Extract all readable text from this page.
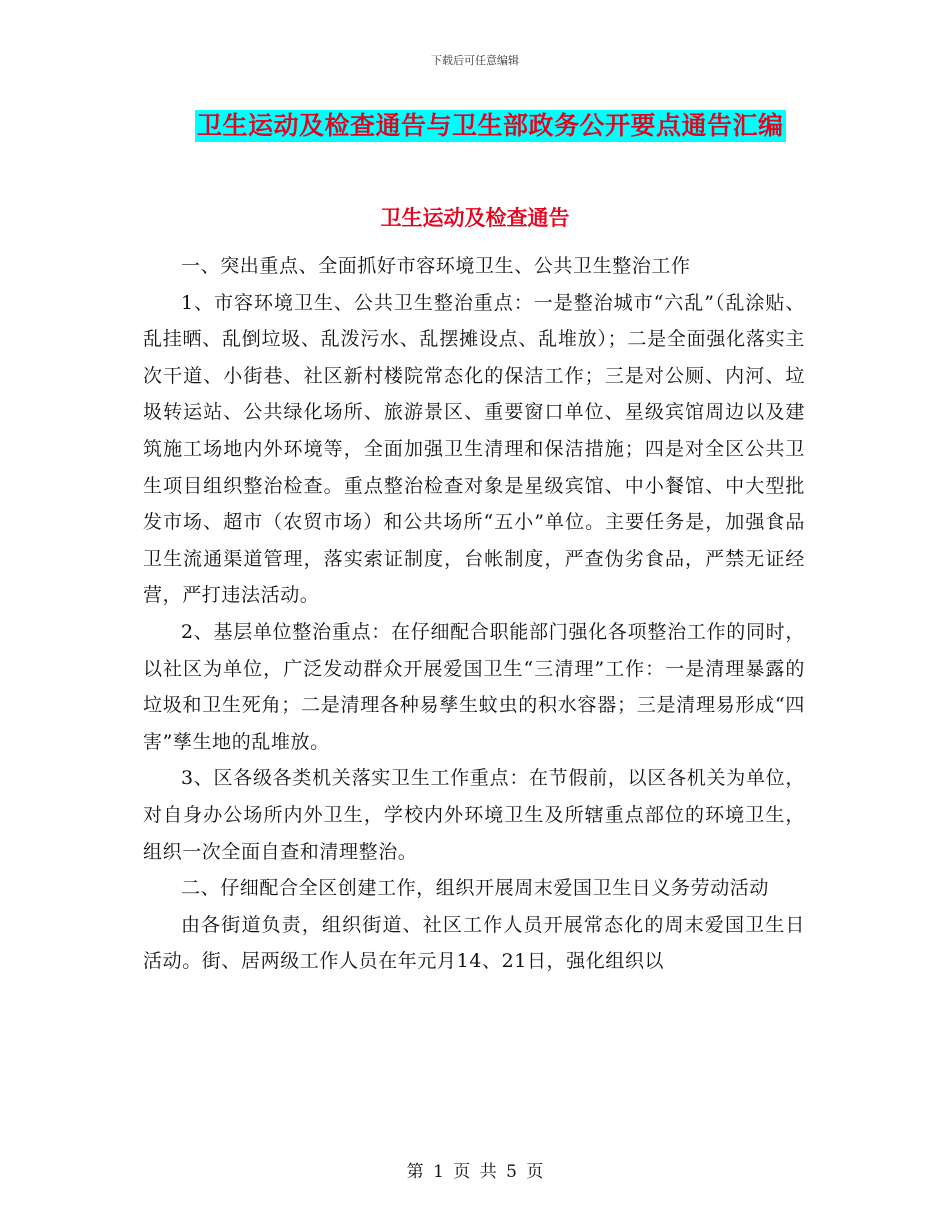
下载后可任意编辑
卫生运动及检查通告与卫生部政务公开要点通告汇编
卫生运动及检查通告

一、突出重点、全面抓好市容环境卫生、公共卫生整治工作

1、市容环境卫生、公共卫生整治重点：一是整治城市“六乱”（乱涂贴、乱挂晒、乱倒垃圾、乱泼污水、乱摆摊设点、乱堆放）；二是全面强化落实主次干道、小街巷、社区新村楼院常态化的保洁工作；三是对公厕、内河、垃圾转运站、公共绿化场所、旅游景区、重要窗口单位、星级宾馆周边以及建筑施工场地内外环境等，全面加强卫生清理和保洁措施；四是对全区公共卫生项目组织整治检查。重点整治检查对象是星级宾馆、中小餐馆、中大型批发市场、超市（农贸市场）和公共场所“五小”单位。主要任务是，加强食品卫生流通渠道管理，落实索证制度，台帐制度，严查伪劣食品，严禁无证经营，严打违法活动。

2、基层单位整治重点：在仔细配合职能部门强化各项整治工作的同时，以社区为单位，广泛发动群众开展爱国卫生“三清理”工作：一是清理暴露的垃圾和卫生死角；二是清理各种易孳生蚊虫的积水容器；三是清理易形成“四害”孳生地的乱堆放。

3、区各级各类机关落实卫生工作重点：在节假前，以区各机关为单位，对自身办公场所内外卫生，学校内外环境卫生及所辖重点部位的环境卫生，组织一次全面自查和清理整治。

二、仔细配合全区创建工作，组织开展周末爱国卫生日义务劳动活动

由各街道负责，组织街道、社区工作人员开展常态化的周末爱国卫生日活动。街、居两级工作人员在年元月14、21日，强化组织以

第 1 页 共 5 页
